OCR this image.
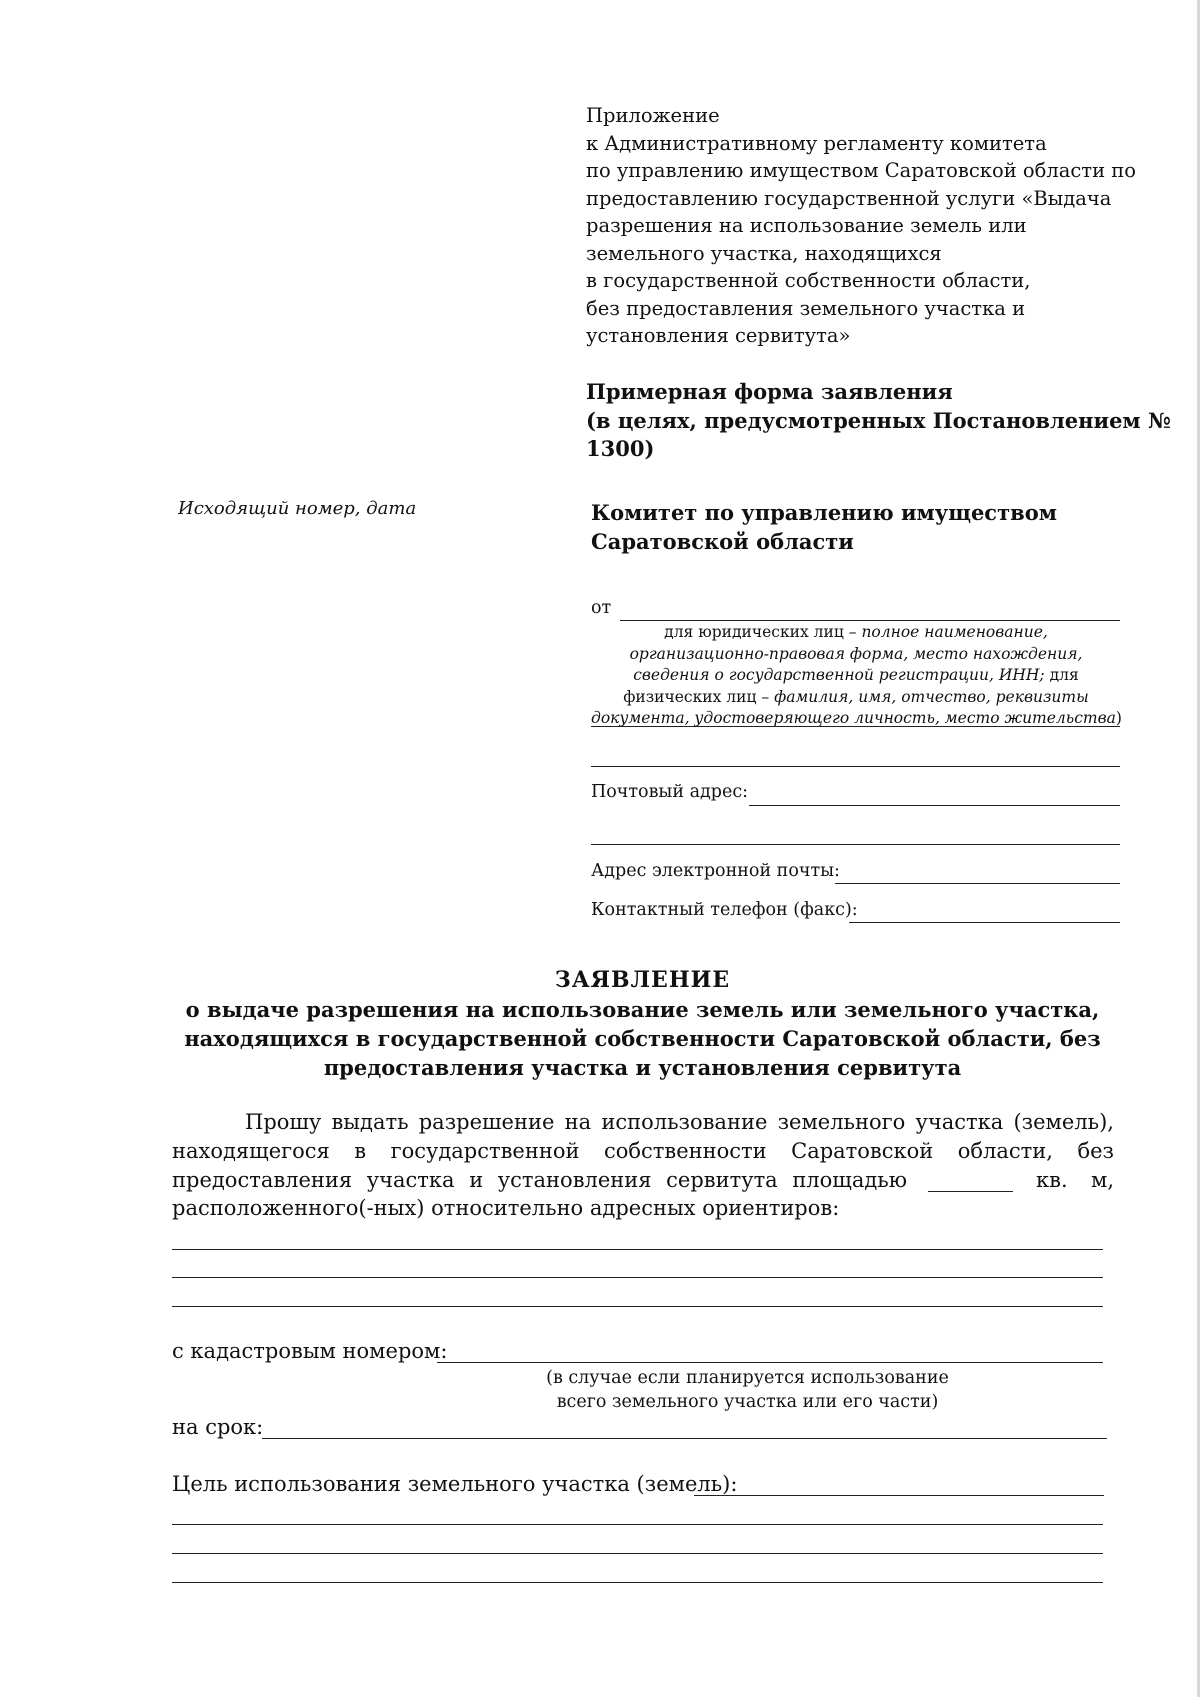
Приложение
к Административному регламенту комитета
по управлению имуществом Саратовской области по
предоставлению государственной услуги «Выдача
разрешения на использование земель или
земельного участка, находящихся
в государственной собственности области,
без предоставления земельного участка и
установления сервитута»
Примерная форма заявления
(в целях, предусмотренных Постановлением №
1300)
Исходящий номер, дата	Комитет по управлению имуществом
Саратовской области
от
для юридических лиц – полное наименование,
организационно-правовая форма, место нахождения,
сведения о государственной регистрации, ИНН; для
физических лиц – фамилия, имя, отчество, реквизиты
документа, удостоверяющего личность, место жительства)
Почтовый адрес:
Адрес электронной почты:
Контактный телефон (факс):
ЗАЯВЛЕНИЕ
о выдаче разрешения на использование земель или земельного участка,
находящихся в государственной собственности Саратовской области, без
предоставления участка и установления сервитута
Прошу выдать разрешение на использование земельного участка (земель),
находящегося в государственной собственности Саратовской области, без
предоставления участка и установления сервитута площадью	кв. м,
расположенного(-ных) относительно адресных ориентиров:
с кадастровым номером:
(в случае если планируется использование
всего земельного участка или его части)
на срок:
Цель использования земельного участка (земель):
